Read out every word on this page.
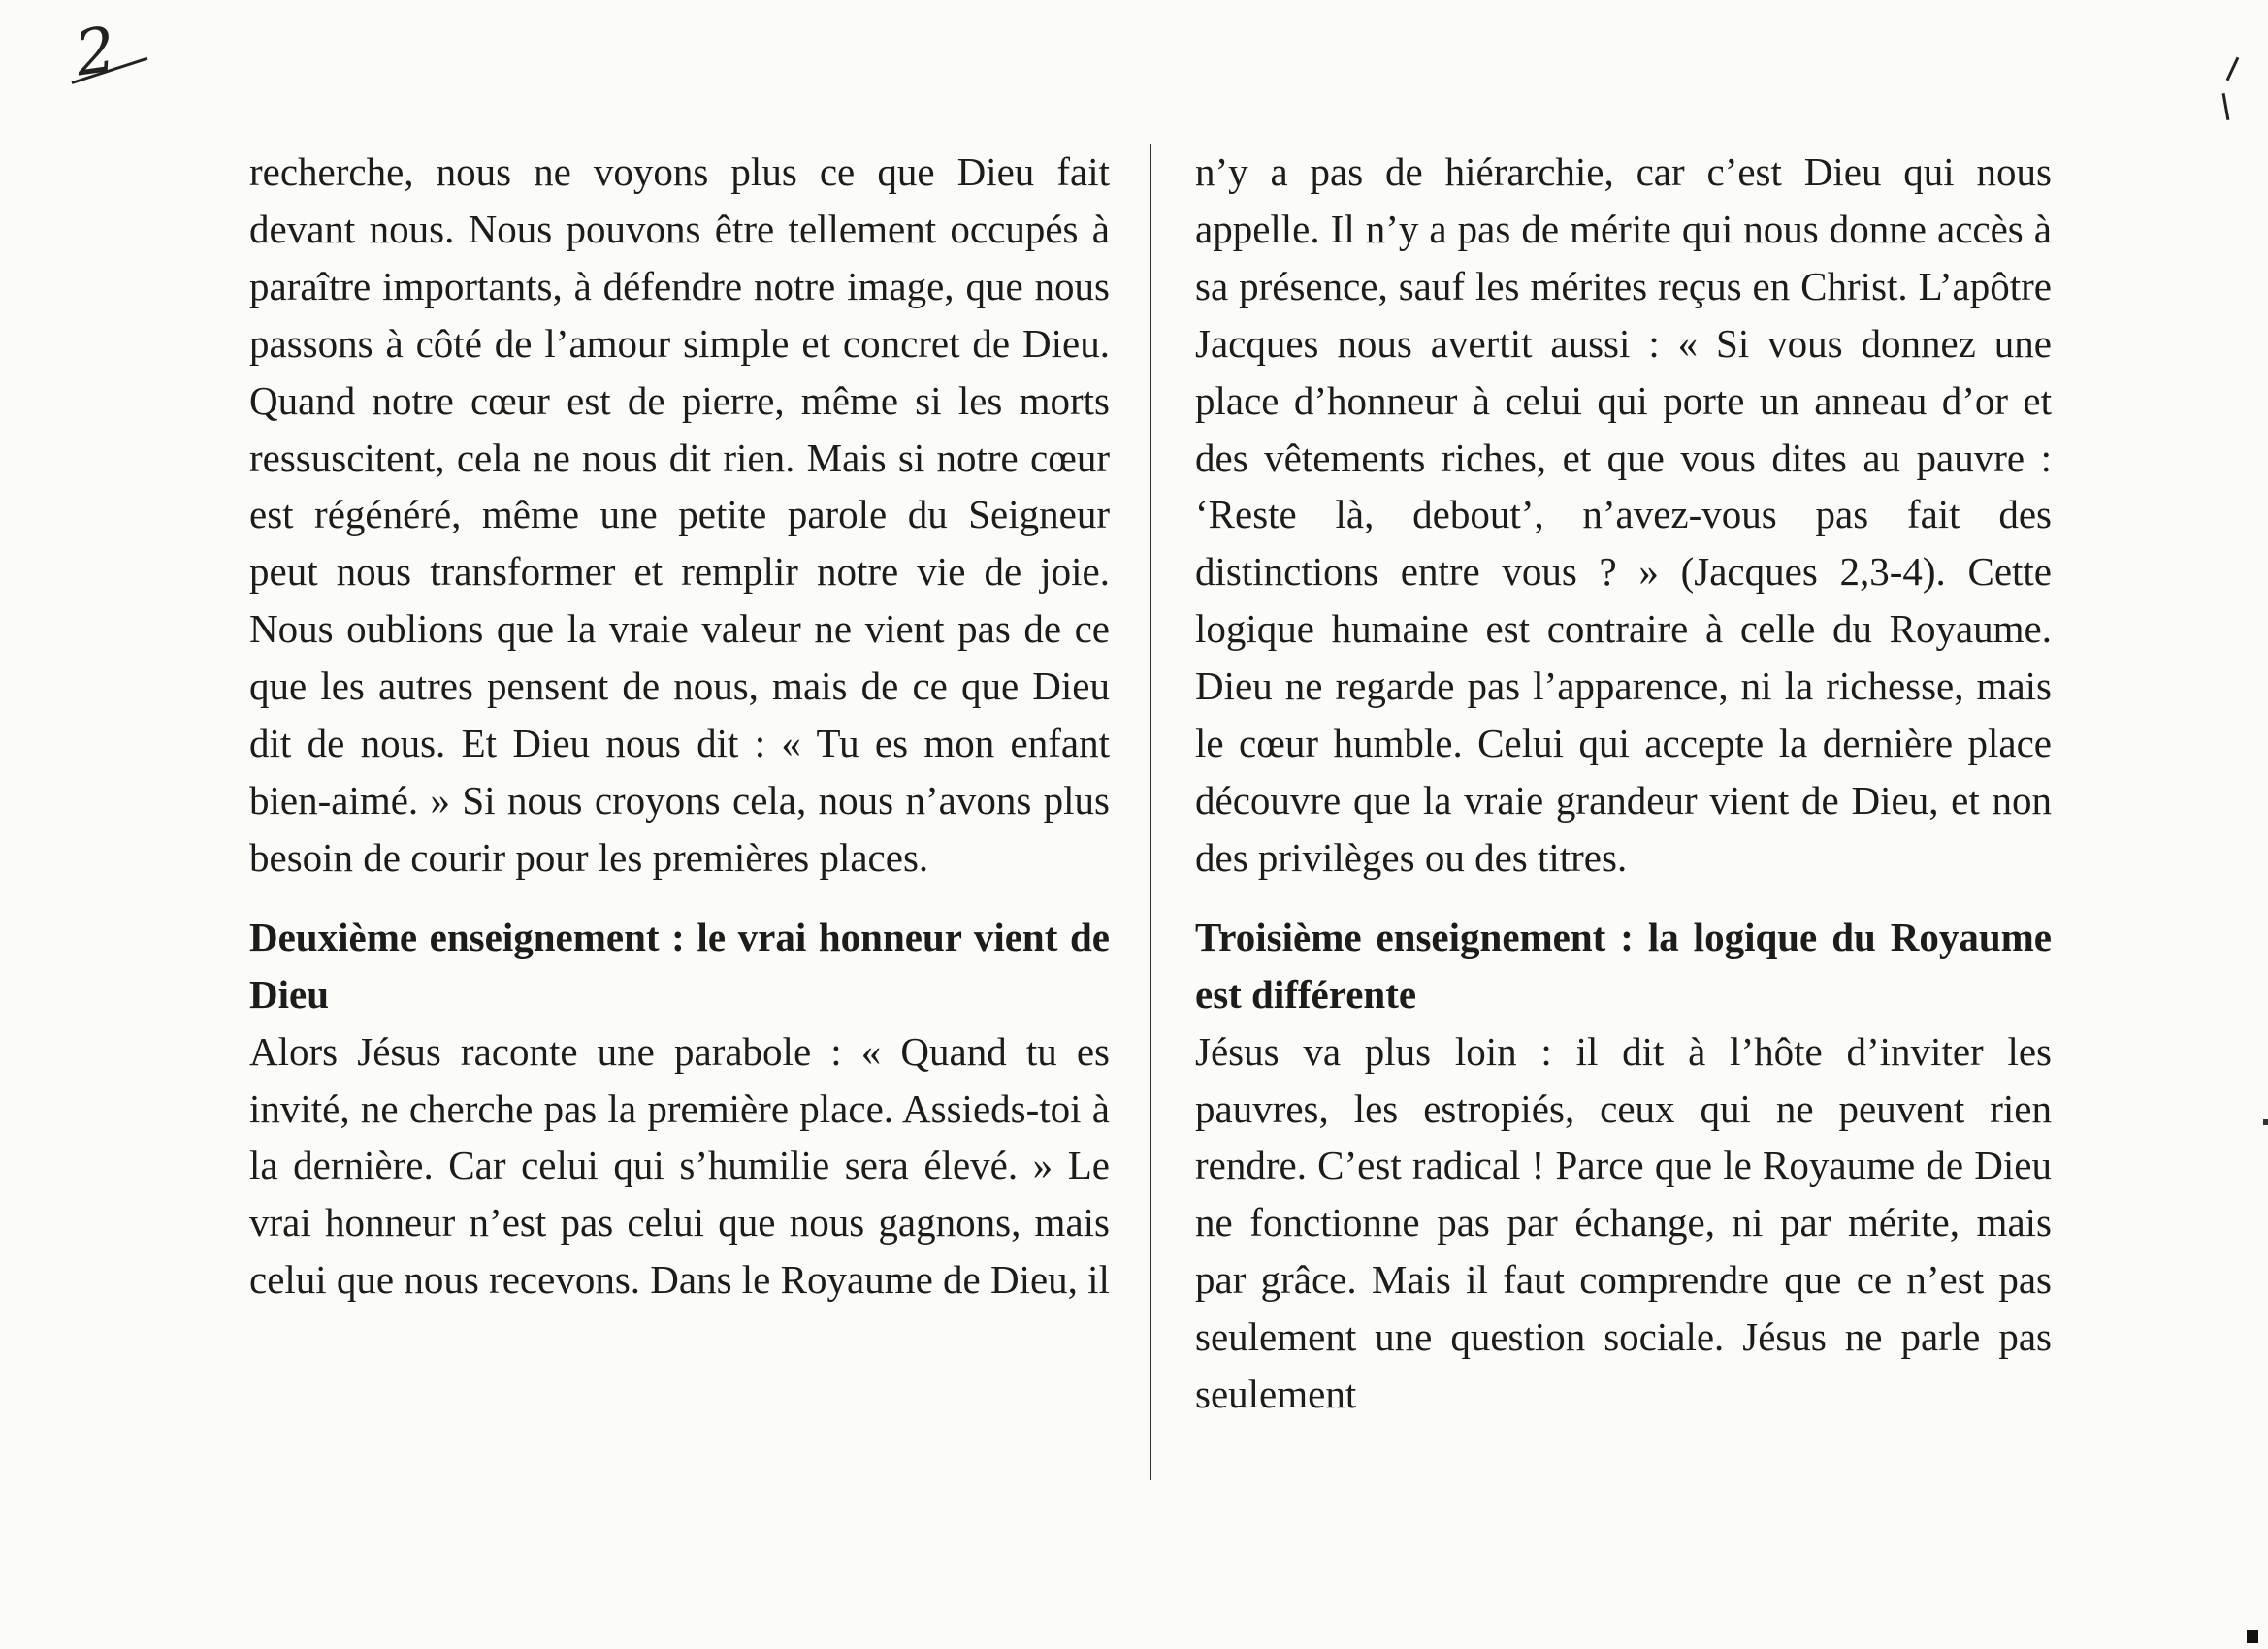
2

recherche, nous ne voyons plus ce que Dieu fait devant nous. Nous pouvons être tellement occupés à paraître importants, à défendre notre image, que nous passons à côté de l’amour simple et concret de Dieu. Quand notre cœur est de pierre, même si les morts ressuscitent, cela ne nous dit rien. Mais si notre cœur est régénéré, même une petite parole du Seigneur peut nous transformer et remplir notre vie de joie. Nous oublions que la vraie valeur ne vient pas de ce que les autres pensent de nous, mais de ce que Dieu dit de nous. Et Dieu nous dit : « Tu es mon enfant bien-aimé. » Si nous croyons cela, nous n’avons plus besoin de courir pour les premières places.

Deuxième enseignement : le vrai honneur vient de Dieu

Alors Jésus raconte une parabole : « Quand tu es invité, ne cherche pas la première place. Assieds-toi à la dernière. Car celui qui s’humilie sera élevé. » Le vrai honneur n’est pas celui que nous gagnons, mais celui que nous recevons. Dans le Royaume de Dieu, il

n’y a pas de hiérarchie, car c’est Dieu qui nous appelle. Il n’y a pas de mérite qui nous donne accès à sa présence, sauf les mérites reçus en Christ. L’apôtre Jacques nous avertit aussi : « Si vous donnez une place d’honneur à celui qui porte un anneau d’or et des vêtements riches, et que vous dites au pauvre : ‘Reste là, debout’, n’avez-vous pas fait des distinctions entre vous ? » (Jacques 2,3-4). Cette logique humaine est contraire à celle du Royaume. Dieu ne regarde pas l’apparence, ni la richesse, mais le cœur humble. Celui qui accepte la dernière place découvre que la vraie grandeur vient de Dieu, et non des privilèges ou des titres.

Troisième enseignement : la logique du Royaume est différente

Jésus va plus loin : il dit à l’hôte d’inviter les pauvres, les estropiés, ceux qui ne peuvent rien rendre. C’est radical ! Parce que le Royaume de Dieu ne fonctionne pas par échange, ni par mérite, mais par grâce. Mais il faut comprendre que ce n’est pas seulement une question sociale. Jésus ne parle pas seulement
